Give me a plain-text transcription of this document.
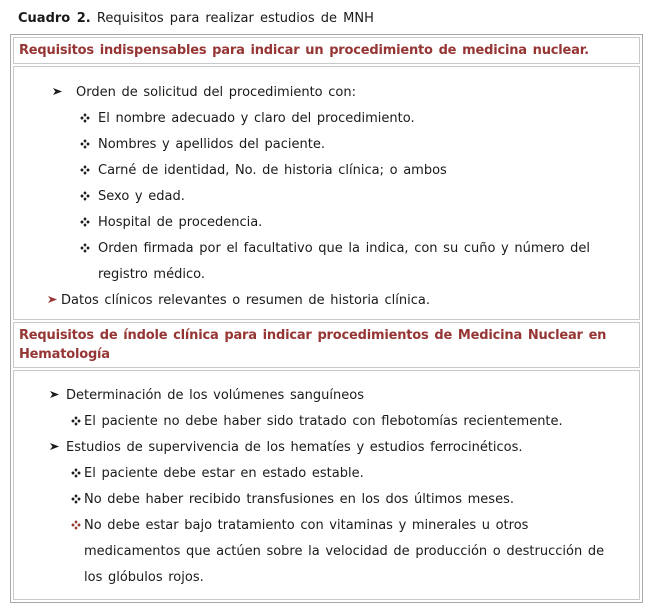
Cuadro 2. Requisitos para realizar estudios de MNH
Requisitos indispensables para indicar un procedimiento de medicina nuclear.
Orden de solicitud del procedimiento con:
El nombre adecuado y claro del procedimiento.
Nombres y apellidos del paciente.
Carné de identidad, No. de historia clínica; o ambos
Sexo y edad.
Hospital de procedencia.
Orden firmada por el facultativo que la indica, con su cuño y número del registro médico.
Datos clínicos relevantes o resumen de historia clínica.
Requisitos de índole clínica para indicar procedimientos de Medicina Nuclear en Hematología
Determinación de los volúmenes sanguíneos
El paciente no debe haber sido tratado con flebotomías recientemente.
Estudios de supervivencia de los hematíes y estudios ferrocinéticos.
El paciente debe estar en estado estable.
No debe haber recibido transfusiones en los dos últimos meses.
No debe estar bajo tratamiento con vitaminas y minerales u otros medicamentos que actúen sobre la velocidad de producción o destrucción de los glóbulos rojos.
